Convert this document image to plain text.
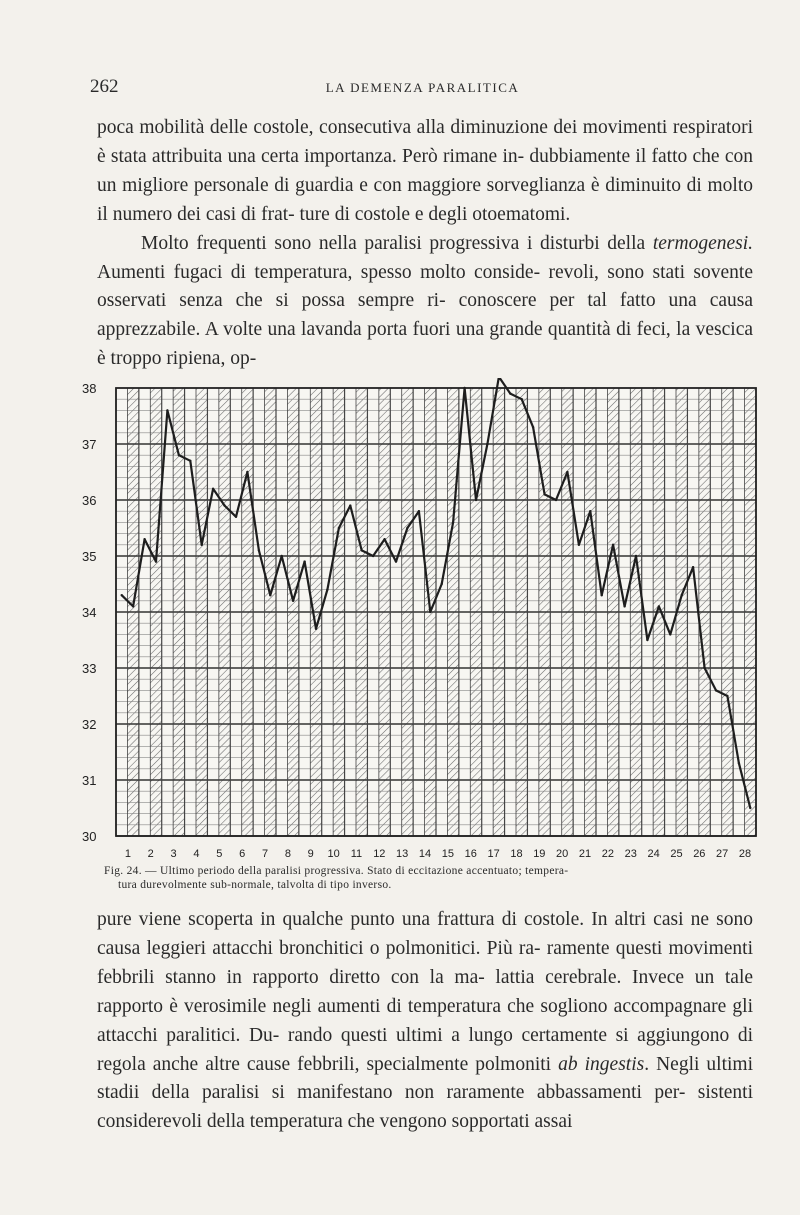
262	LA DEMENZA PARALITICA

poca mobilità delle costole, consecutiva alla diminuzione dei movimenti respiratori è stata attribuita una certa importanza. Però rimane in- dubbiamente il fatto che con un migliore personale di guardia e con maggiore sorveglianza è diminuito di molto il numero dei casi di frat- ture di costole e degli otoematomi.

Molto frequenti sono nella paralisi progressiva i disturbi della termogenesi. Aumenti fugaci di temperatura, spesso molto conside- revoli, sono stati sovente osservati senza che si possa sempre ri- conoscere per tal fatto una causa apprezzabile. A volte una lavanda porta fuori una grande quantità di feci, la vescica è troppo ripiena, op-

30
31
32
33
34
35
36
37
38
1 2 3 4 5 6 7 8 9 10 11 12 13 14 15 16 17 18 19 20 21 22 23 24 25 26 27 28
Fig. 24. — Ultimo periodo della paralisi progressiva. Stato di eccitazione accentuato; tempera-
tura durevolmente sub-normale, talvolta di tipo inverso.

pure viene scoperta in qualche punto una frattura di costole. In altri casi ne sono causa leggieri attacchi bronchitici o polmonitici. Più ra- ramente questi movimenti febbrili stanno in rapporto diretto con la ma- lattia cerebrale. Invece un tale rapporto è verosimile negli aumenti di temperatura che sogliono accompagnare gli attacchi paralitici. Du- rando questi ultimi a lungo certamente si aggiungono di regola anche altre cause febbrili, specialmente polmoniti ab ingestis. Negli ultimi stadii della paralisi si manifestano non raramente abbassamenti per- sistenti considerevoli della temperatura che vengono sopportati assai
